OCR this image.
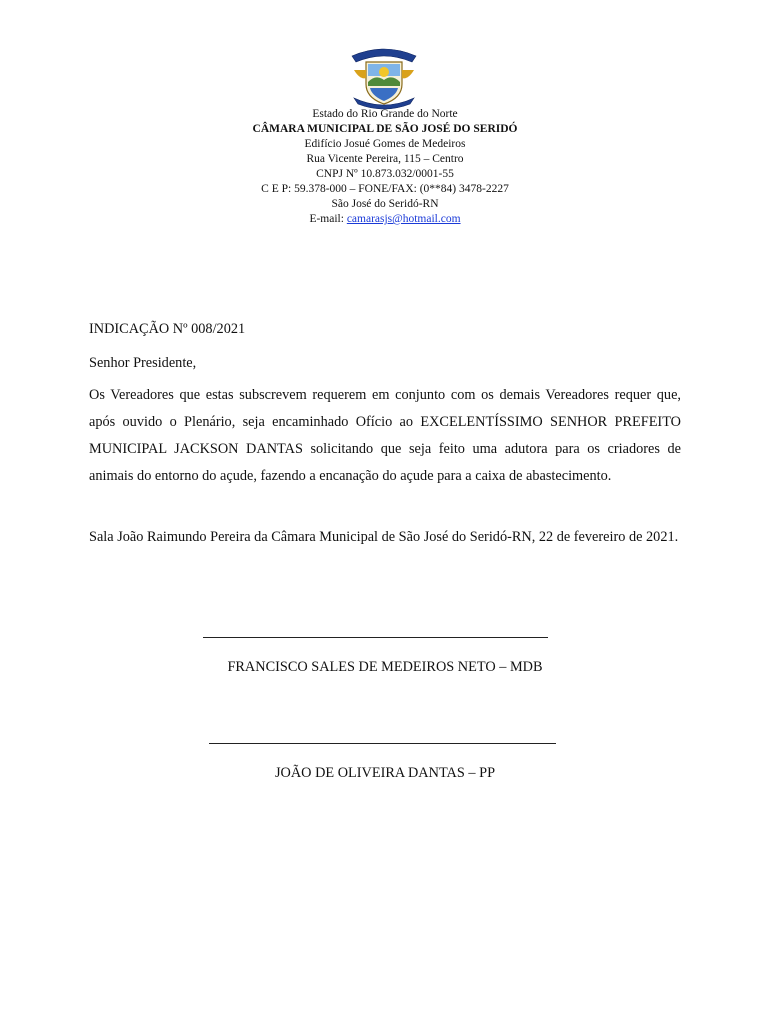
Estado do Rio Grande do Norte
CÂMARA MUNICIPAL DE SÃO JOSÉ DO SERIDÓ
Edifício Josué Gomes de Medeiros
Rua Vicente Pereira, 115 – Centro
CNPJ Nº 10.873.032/0001-55
C E P: 59.378-000 – FONE/FAX: (0**84) 3478-2227
São José do Seridó-RN
E-mail: camarasjs@hotmail.com
INDICAÇÃO Nº 008/2021
Senhor Presidente,
Os Vereadores que estas subscrevem requerem em conjunto com os demais Vereadores requer que, após ouvido o Plenário, seja encaminhado Ofício ao EXCELENTÍSSIMO SENHOR PREFEITO MUNICIPAL JACKSON DANTAS solicitando que seja feito uma adutora para os criadores de animais do entorno do açude, fazendo a encanação do açude para a caixa de abastecimento.
Sala João Raimundo Pereira da Câmara Municipal de São José do Seridó-RN, 22 de fevereiro de 2021.
FRANCISCO SALES DE MEDEIROS NETO – MDB
JOÃO DE OLIVEIRA DANTAS – PP
